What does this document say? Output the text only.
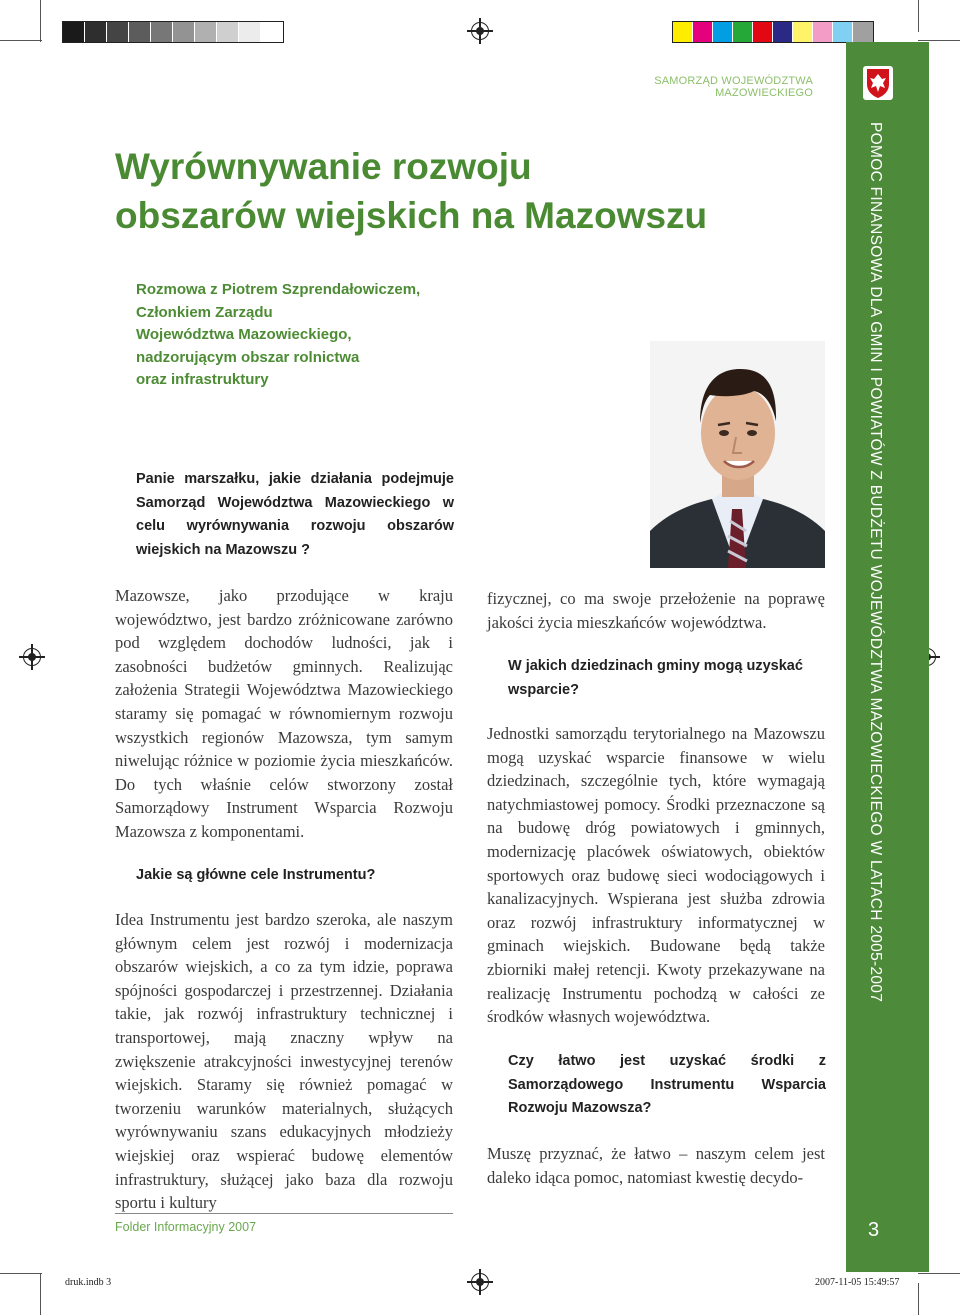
POMOC FINANSOWA DLA GMIN I POWIATÓW Z BUDŻETU WOJEWÓDZTWA MAZOWIECKIEGO W LATACH 2005-2007
SAMORZĄD WOJEWÓDZTWA MAZOWIECKIEGO
Wyrównywanie rozwoju
obszarów wiejskich na Mazowszu
Rozmowa z Piotrem Szprendałowiczem,
Członkiem Zarządu
Województwa Mazowieckiego,
nadzorującym obszar rolnictwa
oraz infrastruktury
Panie marszałku, jakie działania podejmuje Samorząd Województwa Mazowieckiego w celu wyrównywania rozwoju obszarów wiejskich na Mazowszu ?
Mazowsze, jako przodujące w kraju województwo, jest bardzo zróżnicowane zarówno pod względem dochodów ludności, jak i zasobności budżetów gminnych. Realizując założenia Strategii Województwa Mazowieckiego staramy się pomagać w równomiernym rozwoju wszystkich regionów Mazowsza, tym samym niwelując różnice w poziomie życia mieszkańców. Do tych właśnie celów stworzony został Samorządowy Instrument Wsparcia Rozwoju Mazowsza z komponentami.
Jakie są główne cele Instrumentu?
Idea Instrumentu jest bardzo szeroka, ale naszym głównym celem jest rozwój i modernizacja obszarów wiejskich, a co za tym idzie, poprawa spójności gospodarczej i przestrzennej. Działania takie, jak rozwój infrastruktury technicznej i transportowej, mają znaczny wpływ na zwiększenie atrakcyjności inwestycyjnej terenów wiejskich. Staramy się również pomagać w tworzeniu warunków materialnych, służących wyrównywaniu szans edukacyjnych młodzieży wiejskiej oraz wspierać budowę elementów infrastruktury, służącej jako baza dla rozwoju sportu i kultury
fizycznej, co ma swoje przełożenie na poprawę jakości życia mieszkańców województwa.
W jakich dziedzinach gminy mogą uzyskać wsparcie?
Jednostki samorządu terytorialnego na Mazowszu mogą uzyskać wsparcie finansowe w wielu dziedzinach, szczególnie tych, które wymagają natychmiastowej pomocy. Środki przeznaczone są na budowę dróg powiatowych i gminnych, modernizację placówek oświatowych, obiektów sportowych oraz budowę sieci wodociągowych i kanalizacyjnych. Wspierana jest służba zdrowia oraz rozwój infrastruktury informatycznej w gminach wiejskich. Budowane będą także zbiorniki małej retencji. Kwoty przekazywane na realizację Instrumentu pochodzą w całości ze środków własnych województwa.
Czy łatwo jest uzyskać środki z Samorządowego Instrumentu Wsparcia Rozwoju Mazowsza?
Muszę przyznać, że łatwo – naszym celem jest daleko idąca pomoc, natomiast kwestię decydo-
Folder Informacyjny 2007	3
druk.indb 3	2007-11-05 15:49:57
